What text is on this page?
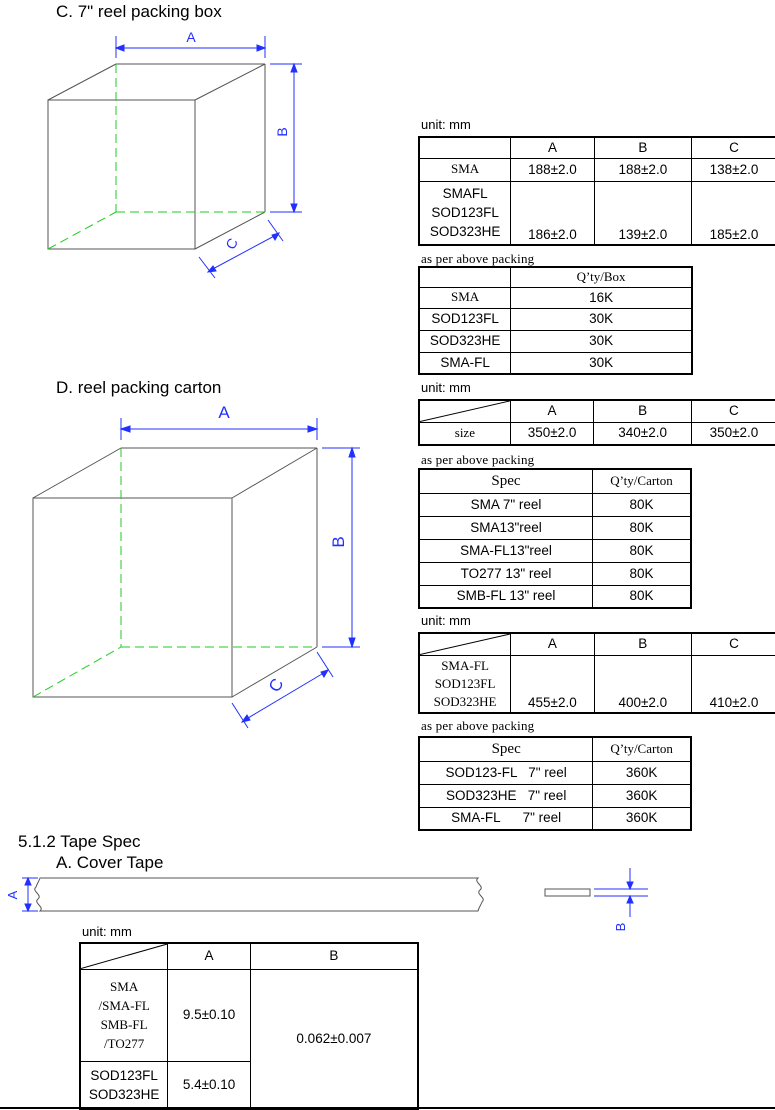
C. 7" reel packing box
D. reel packing carton
5.1.2 Tape Spec
A. Cover Tape
A
B
C
A
B
C
A
B
unit: mm
	A	B	C
SMA	188±2.0	188±2.0	138±2.0

SMAFL
SOD123FL
SOD323HE	186±2.0	139±2.0	185±2.0
as per above packing
	Q’ty/Box
SMA	16K
SOD123FL	30K
SOD323HE	30K
SMA-FL	30K
unit: mm
	A	B	C
size	350±2.0	340±2.0	350±2.0
as per above packing
Spec	Q’ty/Carton
SMA 7" reel	80K
SMA13"reel	80K
SMA-FL13"reel	80K
TO277 13" reel	80K
SMB-FL 13" reel	80K
unit: mm
	A	B	C

SMA-FL
SOD123FL
SOD323HE	455±2.0	400±2.0	410±2.0
as per above packing
Spec	Q’ty/Carton
SOD123-FL   7" reel	360K
SOD323HE   7" reel	360K
SMA-FL      7" reel	360K
unit: mm
	A	B

SMA
/SMA-FL
SMB-FL
/TO277	9.5±0.10	0.062±0.007

SOD123FL
SOD323HE	5.4±0.10	
